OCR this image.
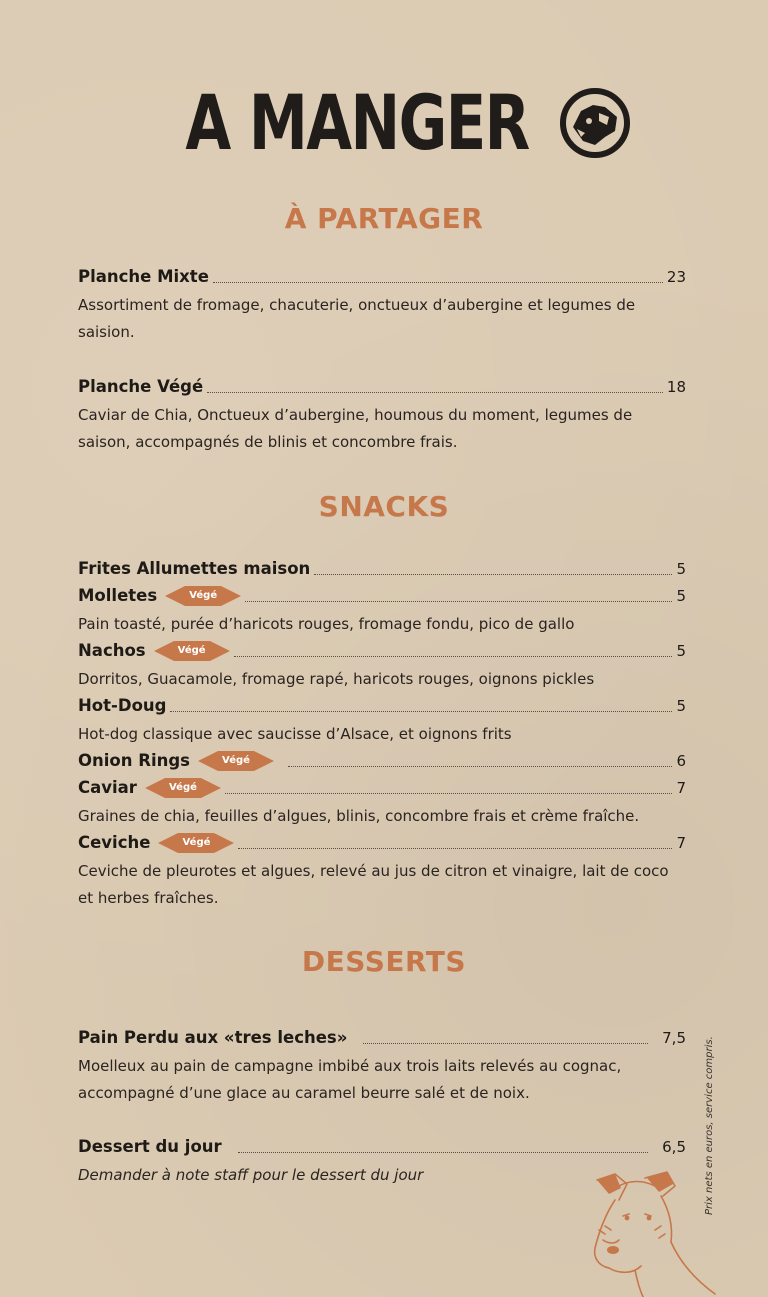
A MANGER
À PARTAGER
Planche Mixte	23
Assortiment de fromage, chacuterie, onctueux d’aubergine et legumes de saision.
Planche Végé	18
Caviar de Chia, Onctueux d’aubergine, houmous du moment, legumes de saison, accompagnés de blinis et concombre frais.
SNACKS
Frites Allumettes maison	5
Molletes	Végé	5
Pain toasté, purée d’haricots rouges, fromage fondu, pico de gallo
Nachos	Végé	5
Dorritos, Guacamole, fromage rapé, haricots rouges, oignons pickles
Hot-Doug	5
Hot-dog classique avec saucisse d’Alsace, et oignons frits
Onion Rings	Végé	6
Caviar	Végé	7
Graines de chia, feuilles d’algues, blinis, concombre frais et crème fraîche.
Ceviche	Végé	7
Ceviche de pleurotes et algues, relevé au jus de citron et vinaigre, lait de coco et herbes fraîches.
DESSERTS
Pain Perdu aux «tres leches»	7,5
Moelleux au pain de campagne imbibé aux trois laits relevés au cognac, accompagné d’une glace au caramel beurre salé et de noix.
Dessert du jour	6,5
Demander à note staff pour le dessert du jour	Prix nets en euros, service compris.
